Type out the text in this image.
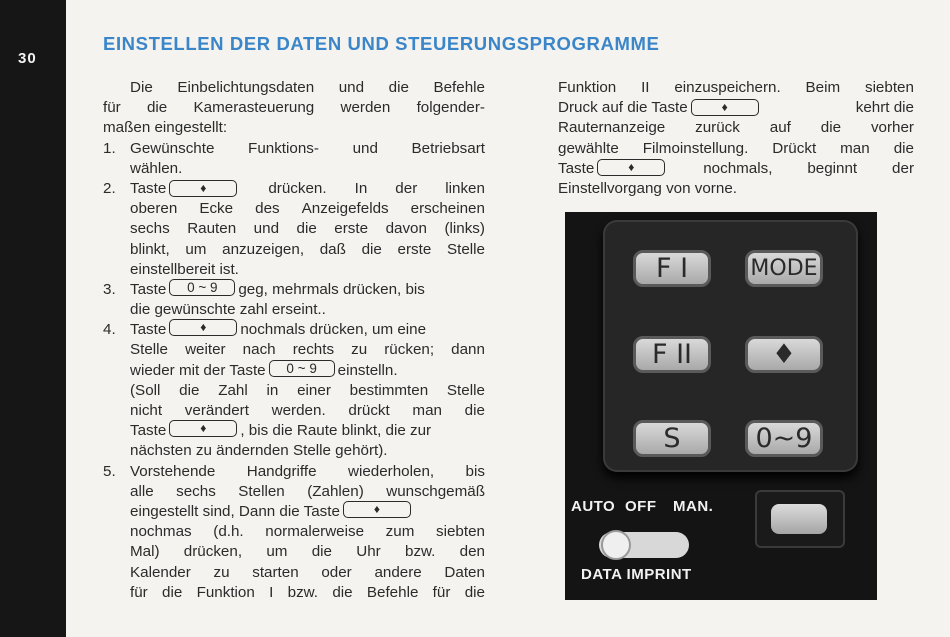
30
EINSTELLEN DER DATEN UND STEUERUNGSPROGRAMME
Die Einbelichtungsdaten und die Befehle
für die Kamerasteuerung werden folgender-
maßen eingestellt:
1. Gewünschte Funktions- und Betriebsart
wählen.
2. Taste	♦	drücken. In der linken
oberen Ecke des Anzeigefelds erscheinen
sechs Rauten und die erste davon (links)
blinkt, um anzuzeigen, daß die erste Stelle
einstellbereit ist.
3. Taste	0 ~ 9	geg, mehrmals drücken, bis
die gewünschte zahl erseint..
4. Taste	♦	nochmals drücken, um eine
Stelle weiter nach rechts zu rücken; dann
wieder mit der Taste	0 ~ 9	einstelln.
(Soll die Zahl in einer bestimmten Stelle
nicht verändert werden. drückt man die
Taste	♦	, bis die Raute blinkt, die zur
nächsten zu ändernden Stelle gehört).
5. Vorstehende Handgriffe wiederholen, bis
alle sechs Stellen (Zahlen) wunschgemäß
eingestellt sind, Dann die Taste	♦
nochmas (d.h. normalerweise zum siebten
Mal) drücken, um die Uhr bzw. den
Kalender zu starten oder andere Daten
für die Funktion I bzw. die Befehle für die
Funktion II einzuspeichern. Beim siebten
Druck auf die Taste	♦	kehrt die
Rauternanzeige zurück auf die vorher
gewählte Filmoinstellung. Drückt man die
Taste	♦	nochmals, beginnt der
Einstellvorgang von vorne.
F I	MODE
F II	♦
S	0~9
AUTO OFF MAN.
DATA IMPRINT
